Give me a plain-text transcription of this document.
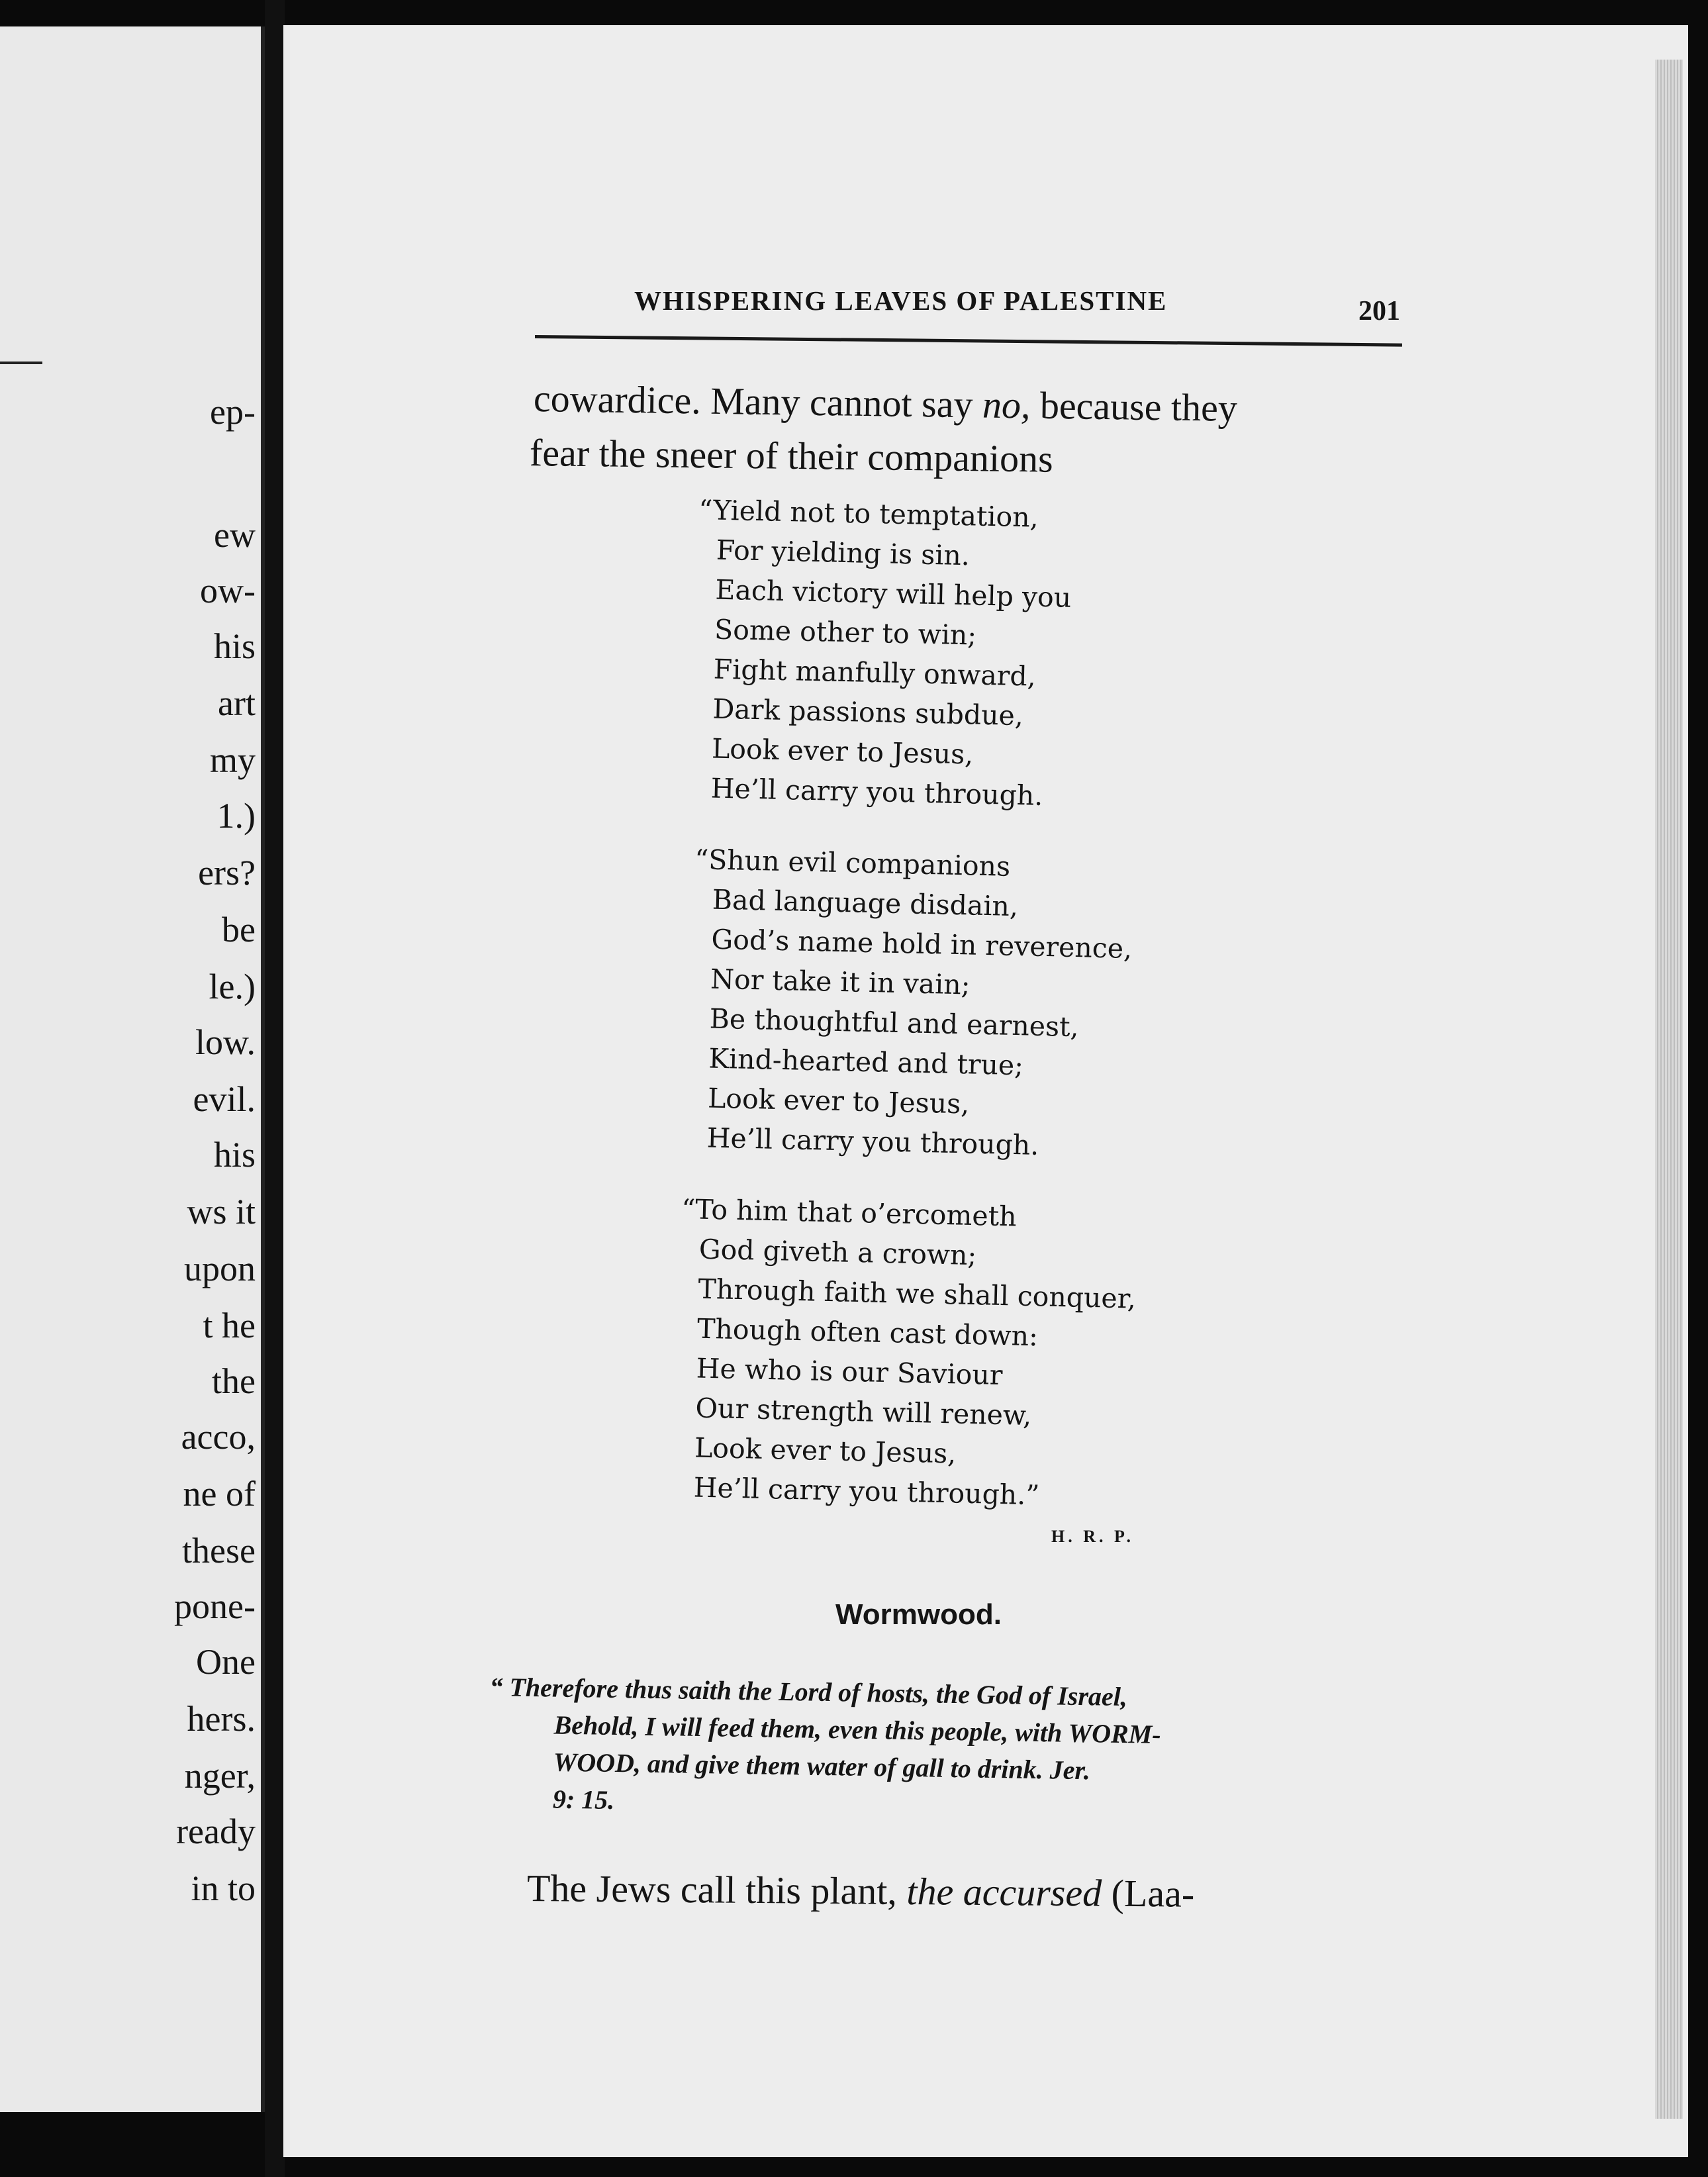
ep-
ew
ow-
his
art
my
1.)
ers?
be
le.)
low.
evil.
his
ws it
upon
t he
the
acco,
ne of
these
pone-
One
hers.
nger,
ready
in to
WHISPERING LEAVES OF PALESTINE	201
cowardice. Many cannot say no, because they
fear the sneer of their companions
“Yield not to temptation,
For yielding is sin.
Each victory will help you
Some other to win;
Fight manfully onward,
Dark passions subdue,
Look ever to Jesus,
He’ll carry you through.
“Shun evil companions
Bad language disdain,
God’s name hold in reverence,
Nor take it in vain;
Be thoughtful and earnest,
Kind-hearted and true;
Look ever to Jesus,
He’ll carry you through.
“To him that o’ercometh
God giveth a crown;
Through faith we shall conquer,
Though often cast down:
He who is our Saviour
Our strength will renew,
Look ever to Jesus,
He’ll carry you through.”
H. R. P.
Wormwood.
“ Therefore thus saith the Lord of hosts, the God of Israel,
Behold, I will feed them, even this people, with WORM-
WOOD, and give them water of gall to drink. Jer.
9: 15.
The Jews call this plant, the accursed (Laa-
